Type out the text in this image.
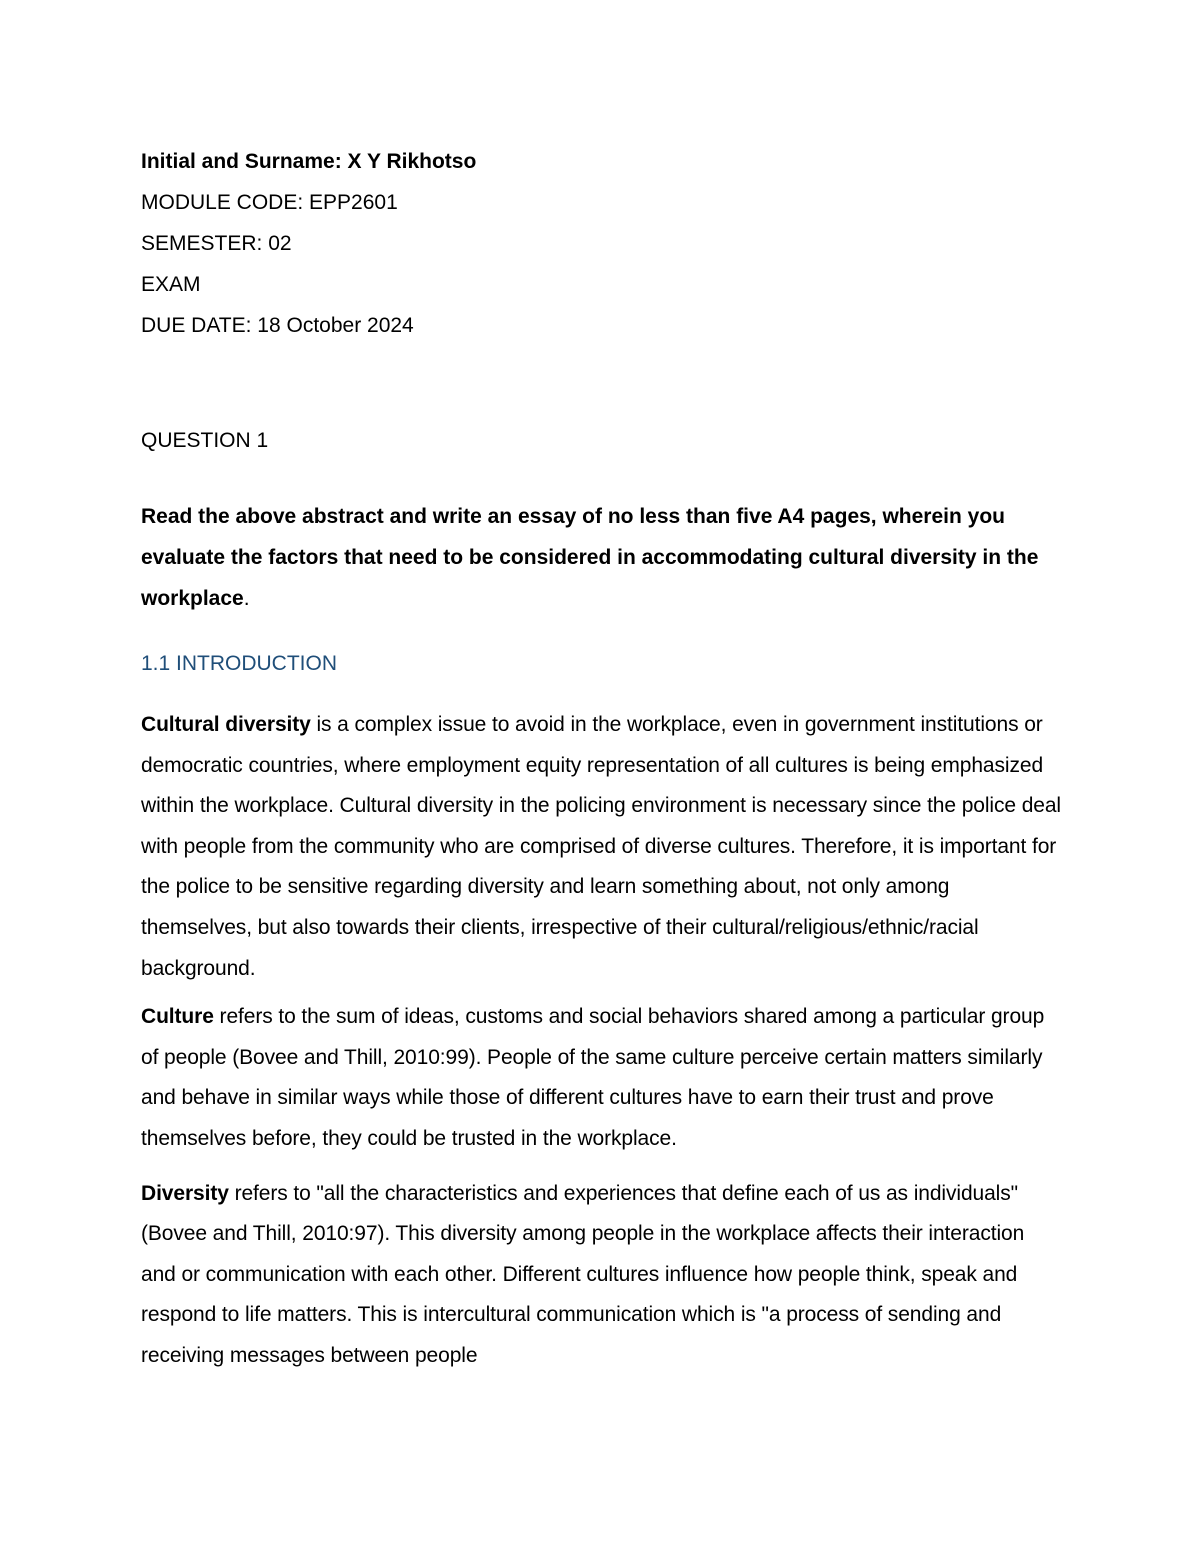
Initial and Surname: X Y Rikhotso

MODULE CODE: EPP2601

SEMESTER: 02

EXAM

DUE DATE: 18 October 2024

QUESTION 1

Read the above abstract and write an essay of no less than five A4 pages, wherein you evaluate the factors that need to be considered in accommodating cultural diversity in the workplace.

1.1 INTRODUCTION

Cultural diversity is a complex issue to avoid in the workplace, even in government institutions or democratic countries, where employment equity representation of all cultures is being emphasized within the workplace. Cultural diversity in the policing environment is necessary since the police deal with people from the community who are comprised of diverse cultures. Therefore, it is important for the police to be sensitive regarding diversity and learn something about, not only among themselves, but also towards their clients, irrespective of their cultural/religious/ethnic/racial background.

Culture refers to the sum of ideas, customs and social behaviors shared among a particular group of people (Bovee and Thill, 2010:99). People of the same culture perceive certain matters similarly and behave in similar ways while those of different cultures have to earn their trust and prove themselves before, they could be trusted in the workplace.

Diversity refers to "all the characteristics and experiences that define each of us as individuals" (Bovee and Thill, 2010:97). This diversity among people in the workplace affects their interaction and or communication with each other. Different cultures influence how people think, speak and respond to life matters. This is intercultural communication which is "a process of sending and receiving messages between people
